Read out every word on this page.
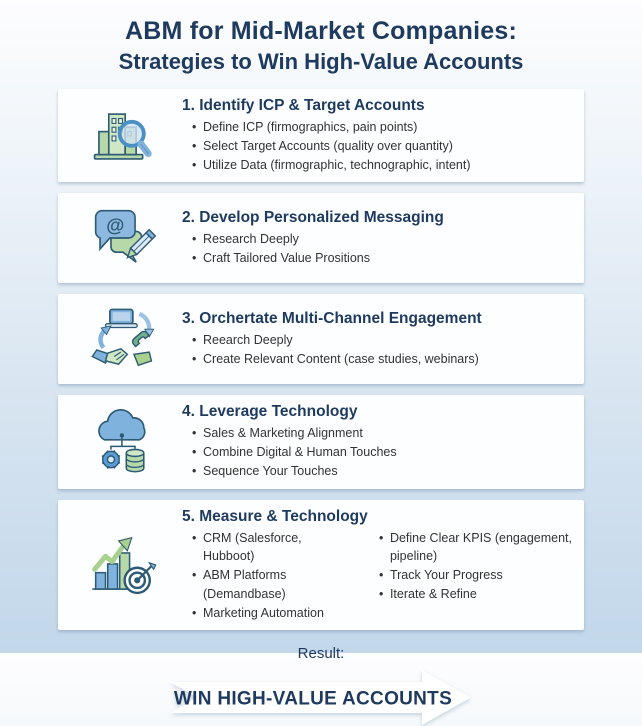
ABM for Mid-Market Companies:
Strategies to Win High-Value Accounts
1. Identify ICP & Target Accounts
• Define ICP (firmographics, pain points)
• Select Target Accounts (quality over quantity)
• Utilize Data (firmographic, technographic, intent)
@	2. Develop Personalized Messaging
• Research Deeply
• Craft Tailored Value Prositions
3. Orchertate Multi-Channel Engagement
• Reearch Deeply
• Create Relevant Content (case studies, webinars)
4. Leverage Technology
• Sales & Marketing Alignment
• Combine Digital & Human Touches
• Sequence Your Touches
5. Measure & Technology
• CRM (Salesforce, Hubboot)
• ABM Platforms (Demandbase)
• Marketing Automation
• Define Clear KPIS (engagement, pipeline)
• Track Your Progress
• Iterate & Refine
Result:
WIN HIGH-VALUE ACCOUNTS
